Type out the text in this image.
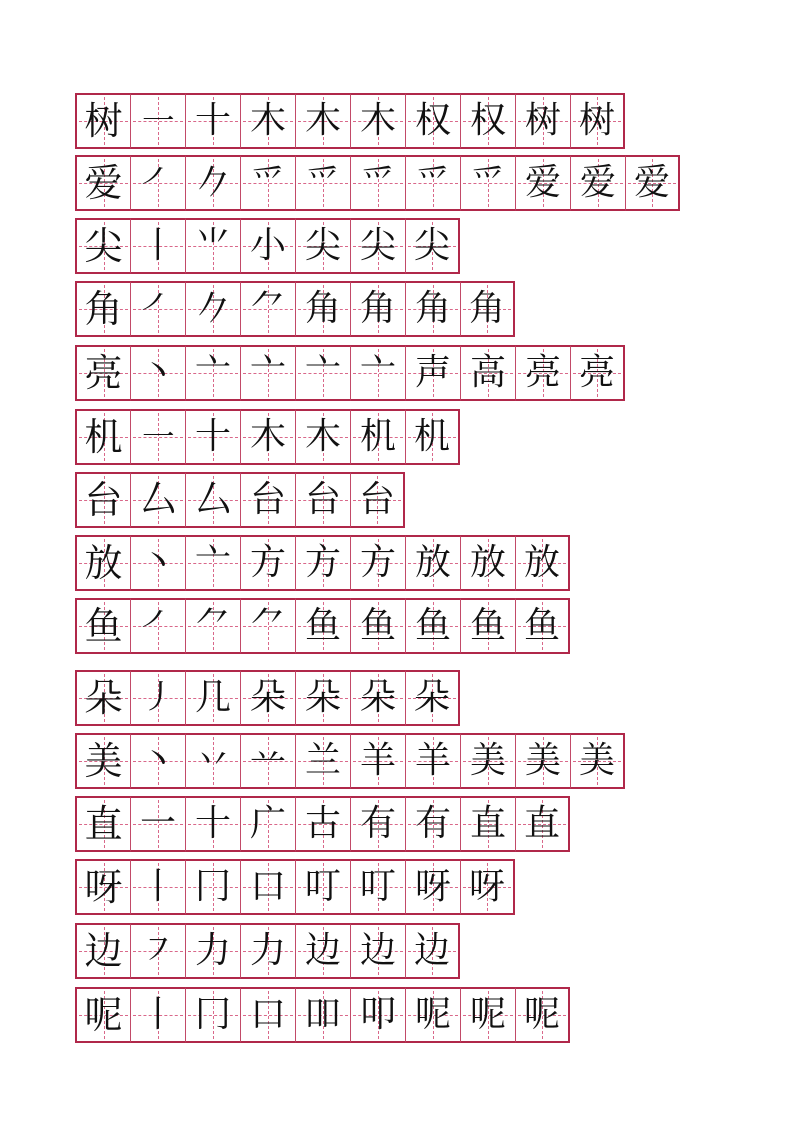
树 ㇐ 十 木 木 木 权 权 树 树
爱 ㇒ 𠂊 爫 爫 爫 爫 爫 爱 爱 爱
尖 丨 ⺌ 小 尖 尖 尖
角 ㇒ 𠂊 ⺈ 角 角 角 角
亮 丶 亠 亠 亠 亠 声 高 亮 亮
机 ㇐ 十 木 木 机 机
台 厶 厶 台 台 台
放 丶 亠 方 方 方 放 放 放
鱼 ㇒ ⺈ ⺈ 鱼 鱼 鱼 鱼 鱼
朵 ㇓ 几 朵 朵 朵 朵
美 丶 丷 䒑 兰 羊 羊 美 美 美
直 一 十 广 古 有 有 直 直
呀 丨 冂 口 叮 叮 呀 呀
边 ㇇ 力 力 边 边 边
呢 丨 冂 口 吅 叩 呢 呢 呢
